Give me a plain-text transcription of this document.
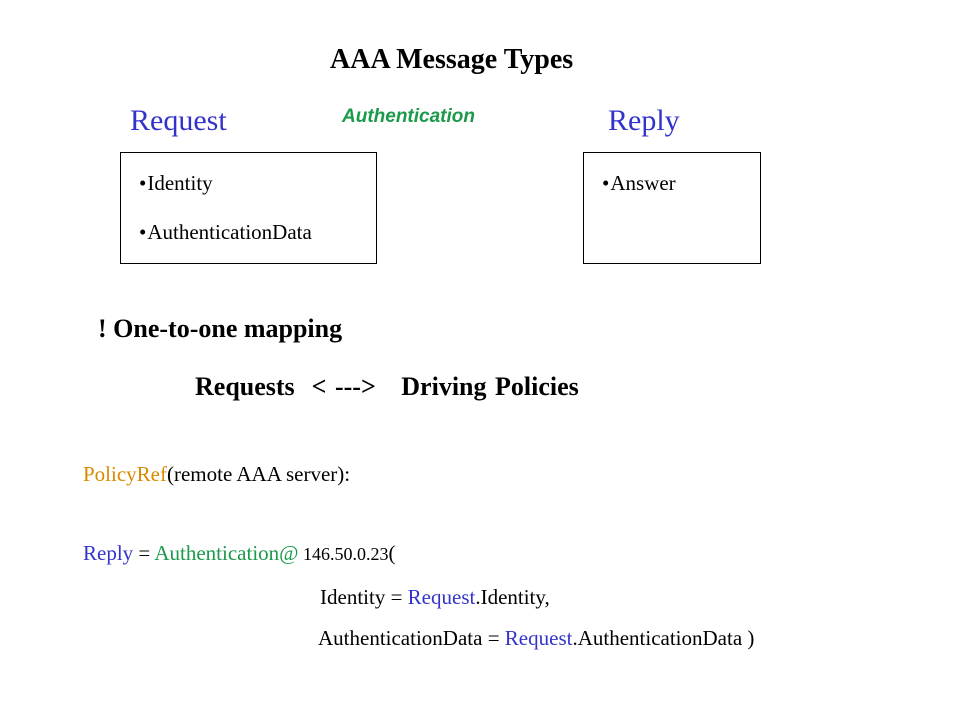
AAA Message Types
Request	Authentication	Reply
•Identity
•AuthenticationData
•Answer
! One-to-one mapping
Requests < ---> Driving Policies
PolicyRef(remote AAA server):
Reply = Authentication@ 146.50.0.23(
Identity = Request.Identity,
AuthenticationData = Request.AuthenticationData )
